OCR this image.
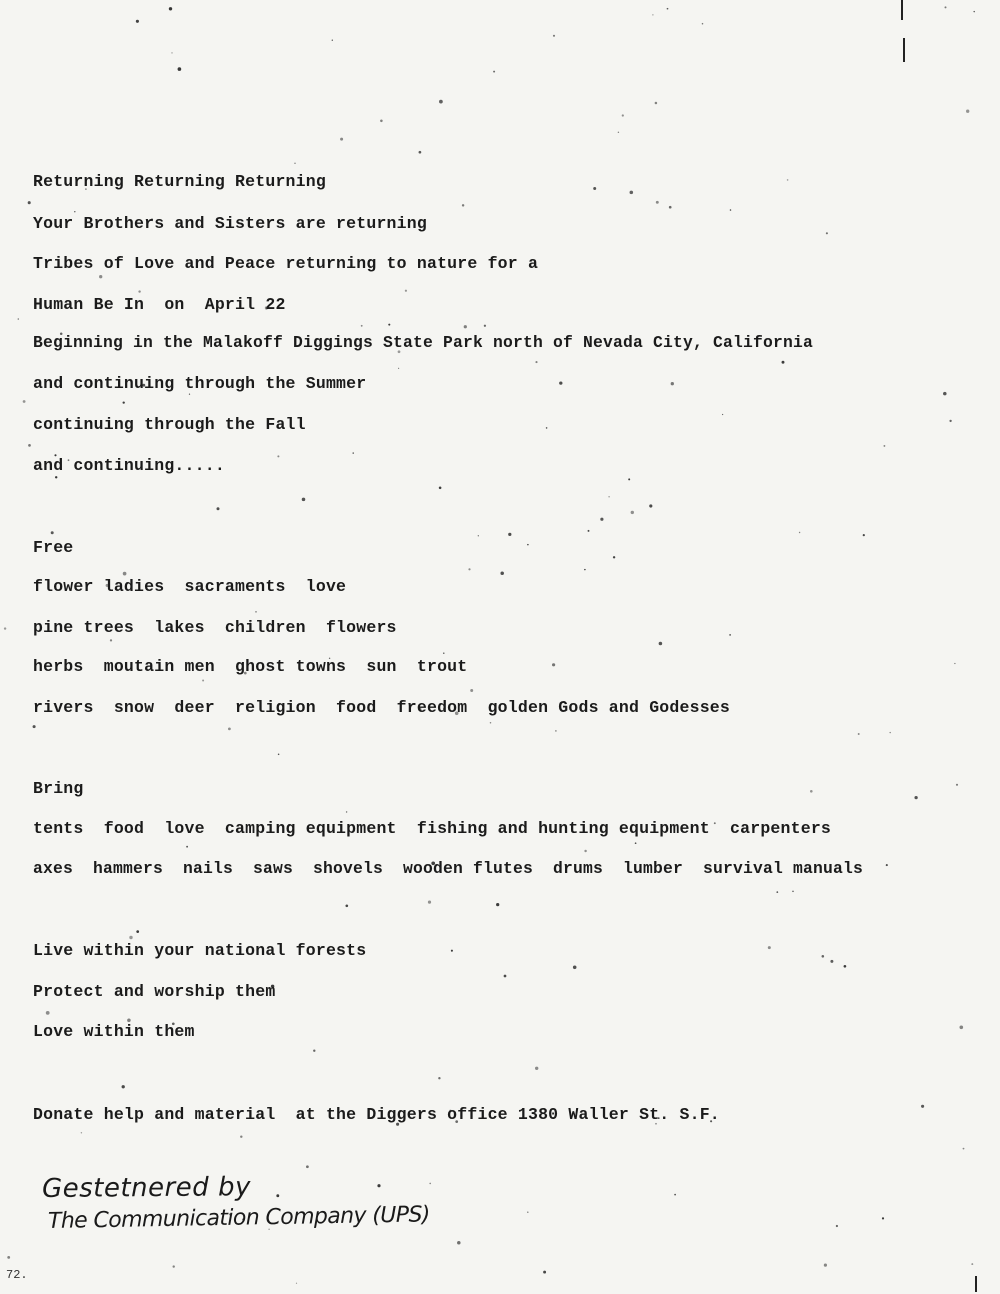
Returning Returning Returning
Your Brothers and Sisters are returning
Tribes of Love and Peace returning to nature for a
Human Be In  on  April 22
Beginning in the Malakoff Diggings State Park north of Nevada City, California
and continuing through the Summer
continuing through the Fall
and continuing.....
Free
flower ladies  sacraments  love
pine trees  lakes  children  flowers
herbs  moutain men  ghost towns  sun  trout
rivers  snow  deer  religion  food  freedom  golden Gods and Godesses
Bring
tents  food  love  camping equipment  fishing and hunting equipment  carpenters
axes  hammers  nails  saws  shovels  wooden flutes  drums  lumber  survival manuals
Live within your national forests
Protect and worship them
Love within them
Donate help and material  at the Diggers office 1380 Waller St. S.F.
Gestetnered by
The Communication Company (UPS)
72.
